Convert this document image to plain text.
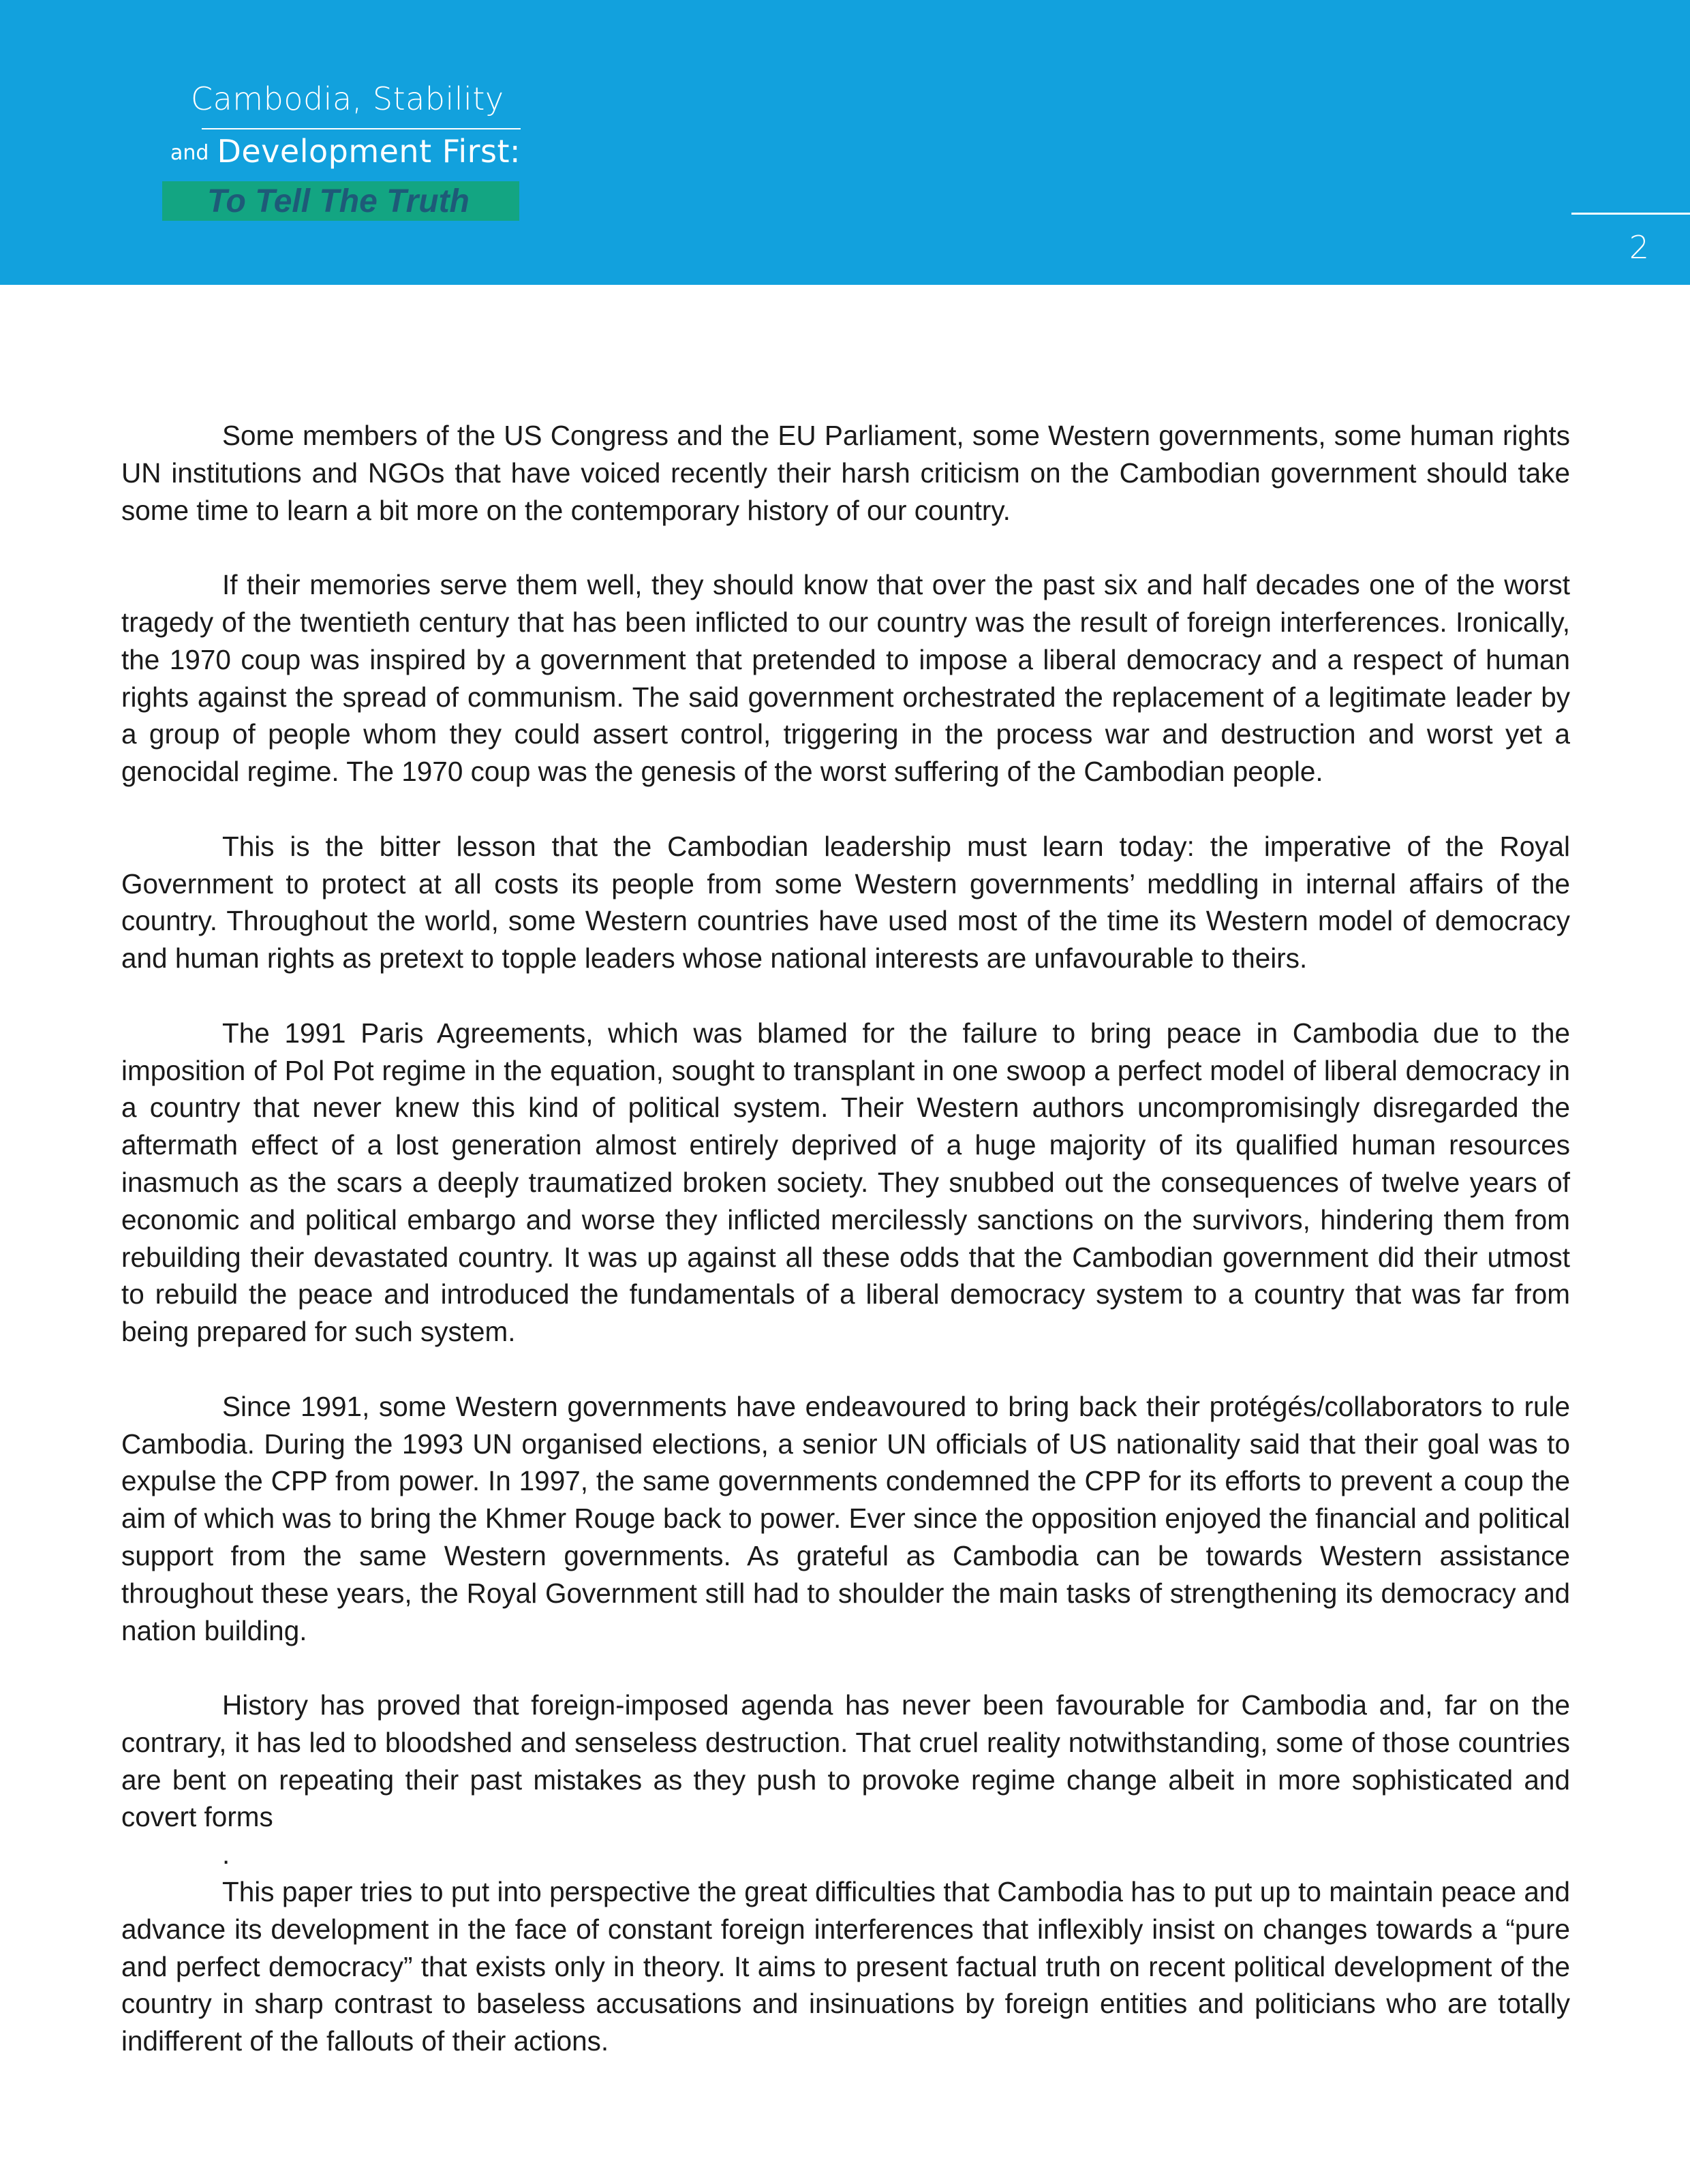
Cambodia, Stability
and Development First:
To Tell The Truth
2

Some members of the US Congress and the EU Parliament, some Western governments, some human rights UN institutions and NGOs that have voiced recently their harsh criticism on the Cambodian government should take some time to learn a bit more on the contemporary history of our country.

If their memories serve them well, they should know that over the past six and half decades one of the worst tragedy of the twentieth century that has been inflicted to our country was the result of foreign interferences. Ironically, the 1970 coup was inspired by a government that pretended to impose a liberal democracy and a respect of human rights against the spread of communism. The said government orchestrated the replacement of a legitimate leader by a group of people whom they could assert control, triggering in the process war and destruction and worst yet a genocidal regime. The 1970 coup was the genesis of the worst suffering of the Cambodian people.

This is the bitter lesson that the Cambodian leadership must learn today: the imperative of the Royal Government to protect at all costs its people from some Western governments’ meddling in internal affairs of the country. Throughout the world, some Western countries have used most of the time its Western model of democracy and human rights as pretext to topple leaders whose national interests are unfavourable to theirs.

The 1991 Paris Agreements, which was blamed for the failure to bring peace in Cambodia due to the imposition of Pol Pot regime in the equation, sought to transplant in one swoop a perfect model of liberal democracy in a country that never knew this kind of political system. Their Western authors uncompromisingly disregarded the aftermath effect of a lost generation almost entirely deprived of a huge majority of its qualified human resources inasmuch as the scars a deeply traumatized broken society. They snubbed out the consequences of twelve years of economic and political embargo and worse they inflicted mercilessly sanctions on the survivors, hindering them from rebuilding their devastated country. It was up against all these odds that the Cambodian government did their utmost to rebuild the peace and introduced the fundamentals of a liberal democracy system to a country that was far from being prepared for such system.

Since 1991, some Western governments have endeavoured to bring back their protégés/collaborators to rule Cambodia. During the 1993 UN organised elections, a senior UN officials of US nationality said that their goal was to expulse the CPP from power. In 1997, the same governments condemned the CPP for its efforts to prevent a coup the aim of which was to bring the Khmer Rouge back to power. Ever since the opposition enjoyed the financial and political support from the same Western governments. As grateful as Cambodia can be towards Western assistance throughout these years, the Royal Government still had to shoulder the main tasks of strengthening its democracy and nation building.

History has proved that foreign-imposed agenda has never been favourable for Cambodia and, far on the contrary, it has led to bloodshed and senseless destruction. That cruel reality notwithstanding, some of those countries are bent on repeating their past mistakes as they push to provoke regime change albeit in more sophisticated and covert forms

.

This paper tries to put into perspective the great difficulties that Cambodia has to put up to maintain peace and advance its development in the face of constant foreign interferences that inflexibly insist on changes towards a “pure and perfect democracy” that exists only in theory. It aims to present factual truth on recent political development of the country in sharp contrast to baseless accusations and insinuations by foreign entities and politicians who are totally indifferent of the fallouts of their actions.
